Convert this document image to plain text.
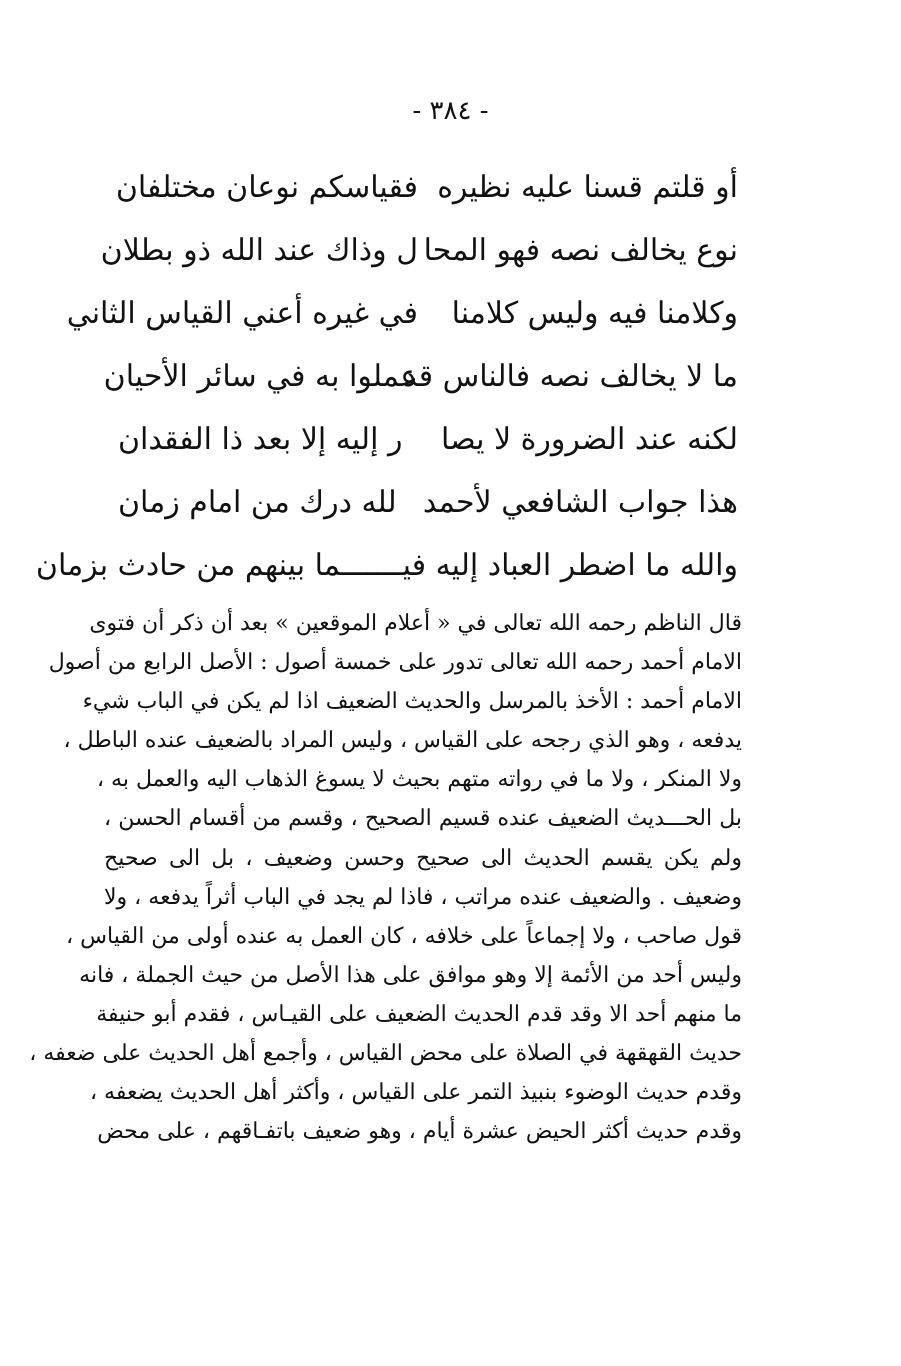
- ٣٨٤ -
أو قلتم قسنا عليه نظيره
فقياسكم نوعان مختلفان
نوع يخالف نصه فهو المحا
ل وذاك عند الله ذو بطلان
وكلامنا فيه وليس كلامنا
في غيره أعني القياس الثاني
ما لا يخالف نصه فالناس قد
عملوا به في سائر الأحيان
لكنه عند الضرورة لا يصا
ر إليه إلا بعد ذا الفقدان
هذا جواب الشافعي لأحمد
لله درك من امام زمان
والله ما اضطر العباد إليه فيـــــــما بينهم من حادث بزمان
قال الناظم رحمه الله تعالى في « أعلام الموقعين » بعد أن ذكر أن فتوى
الامام أحمد رحمه الله تعالى تدور على خمسة أصول : الأصل الرابع من أصول
الامام أحمد : الأخذ بالمرسل والحديث الضعيف اذا لم يكن في الباب شيء
يدفعه ، وهو الذي رجحه على القياس ، وليس المراد بالضعيف عنده الباطل ،
ولا المنكر ، ولا ما في رواته متهم بحيث لا يسوغ الذهاب اليه والعمل به ،
بل الحـــديث الضعيف عنده قسيم الصحيح ، وقسم من أقسام الحسن ،
ولم يكن يقسم الحديث الى صحيح وحسن وضعيف ، بل الى صحيح
وضعيف . والضعيف عنده مراتب ، فاذا لم يجد في الباب أثراً يدفعه ، ولا
قول صاحب ، ولا إجماعاً على خلافه ، كان العمل به عنده أولى من القياس ،
وليس أحد من الأئمة إلا وهو موافق على هذا الأصل من حيث الجملة ، فانه
ما منهم أحد الا وقد قدم الحديث الضعيف على القيـاس ، فقدم أبو حنيفة
حديث القهقهة في الصلاة على محض القياس ، وأجمع أهل الحديث على ضعفه ،
وقدم حديث الوضوء بنبيذ التمر على القياس ، وأكثر أهل الحديث يضعفه ،
وقدم حديث أكثر الحيض عشرة أيام ، وهو ضعيف باتفـاقهم ، على محض
